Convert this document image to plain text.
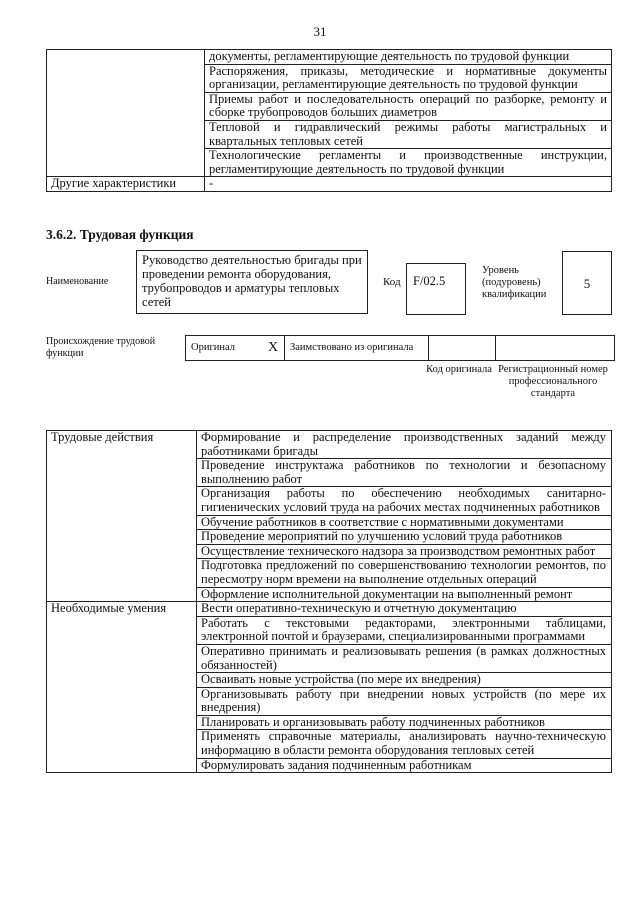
31
	документы, регламентирующие деятельность по трудовой функции
	Распоряжения, приказы, методические и нормативные документы организации, регламентирующие деятельность по трудовой функции
	Приемы работ и последовательность операций по разборке, ремонту и сборке трубопроводов больших диаметров
	Тепловой и гидравлический режимы работы магистральных и квартальных тепловых сетей
	Технологические регламенты и производственные инструкции, регламентирующие деятельность по трудовой функции
Другие характеристики	-
3.6.2. Трудовая функция
Наименование
Руководство деятельностью бригады при проведении ремонта оборудования, трубопроводов и арматуры тепловых сетей
Код F/02.5
Уровень (подуровень) квалификации
5
Происхождение трудовой функции	Оригинал	X	Заимствовано из оригинала		
Код оригинала Регистрационный номер профессионального стандарта
Трудовые действия	Формирование и распределение производственных заданий между работниками бригады
	Проведение инструктажа работников по технологии и безопасному выполнению работ
	Организация работы по обеспечению необходимых санитарно-гигиенических условий труда на рабочих местах подчиненных работников
	Обучение работников в соответствие с нормативными документами
	Проведение мероприятий по улучшению условий труда работников
	Осуществление технического надзора за производством ремонтных работ
	Подготовка предложений по совершенствованию технологии ремонтов, по пересмотру норм времени на выполнение отдельных операций
	Оформление исполнительной документации на выполненный ремонт
Необходимые умения	Вести оперативно-техническую и отчетную документацию
	Работать с текстовыми редакторами, электронными таблицами, электронной почтой и браузерами, специализированными программами
	Оперативно принимать и реализовывать решения (в рамках должностных обязанностей)
	Осваивать новые устройства (по мере их внедрения)
	Организовывать работу при внедрении новых устройств (по мере их внедрения)
	Планировать и организовывать работу подчиненных работников
	Применять справочные материалы, анализировать научно-техническую информацию в области ремонта оборудования тепловых сетей
	Формулировать задания подчиненным работникам
